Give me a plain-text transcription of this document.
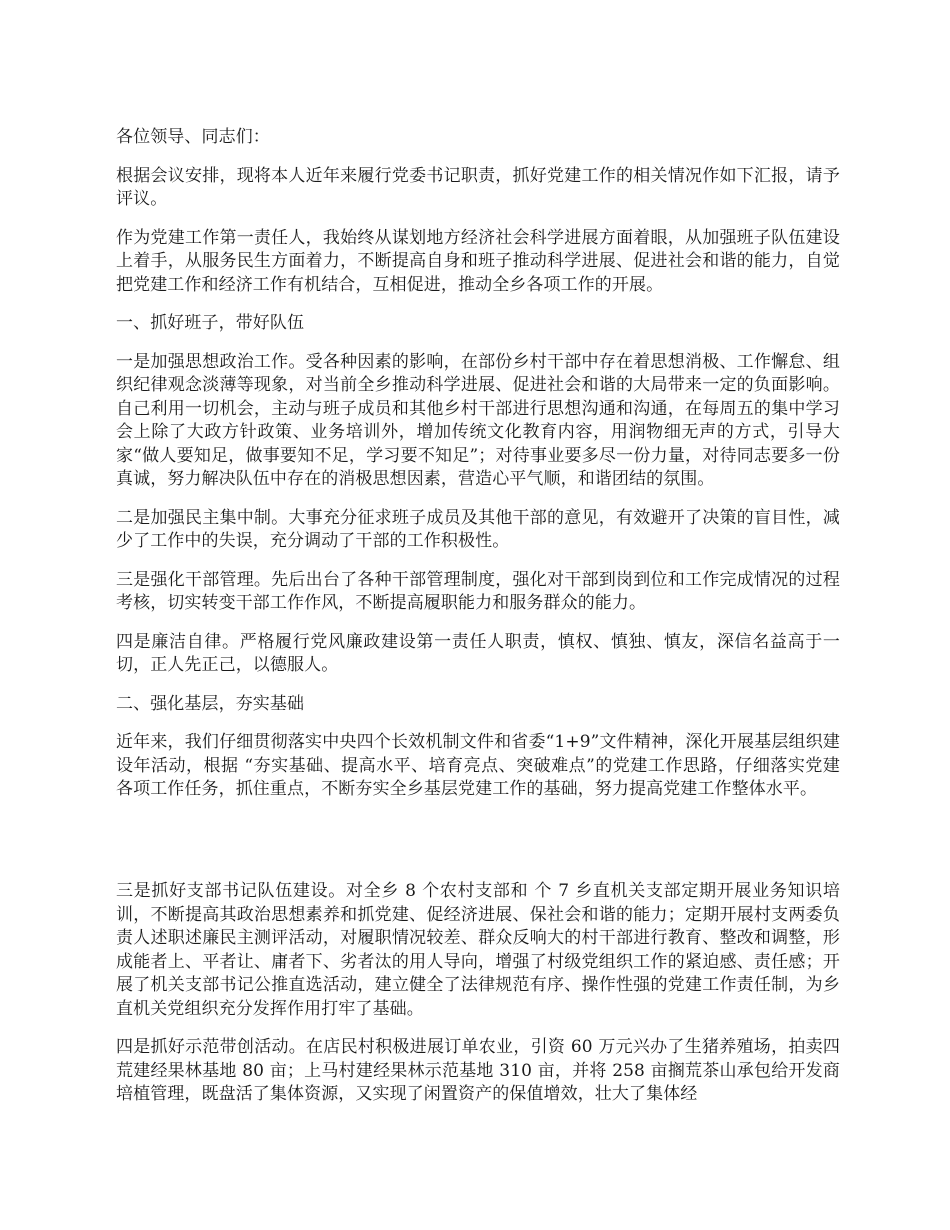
各位领导、同志们：

根据会议安排，现将本人近年来履行党委书记职责，抓好党建工作的相关情况作如下汇报，请予评议。

作为党建工作第一责任人，我始终从谋划地方经济社会科学进展方面着眼，从加强班子队伍建设上着手，从服务民生方面着力，不断提高自身和班子推动科学进展、促进社会和谐的能力，自觉把党建工作和经济工作有机结合，互相促进，推动全乡各项工作的开展。

一、抓好班子，带好队伍

一是加强思想政治工作。受各种因素的影响，在部份乡村干部中存在着思想消极、工作懈怠、组织纪律观念淡薄等现象，对当前全乡推动科学进展、促进社会和谐的大局带来一定的负面影响。自己利用一切机会，主动与班子成员和其他乡村干部进行思想沟通和沟通，在每周五的集中学习会上除了大政方针政策、业务培训外，增加传统文化教育内容，用润物细无声的方式，引导大家“做人要知足，做事要知不足，学习要不知足”；对待事业要多尽一份力量，对待同志要多一份真诚，努力解决队伍中存在的消极思想因素，营造心平气顺，和谐团结的氛围。

二是加强民主集中制。大事充分征求班子成员及其他干部的意见，有效避开了决策的盲目性，减少了工作中的失误，充分调动了干部的工作积极性。

三是强化干部管理。先后出台了各种干部管理制度，强化对干部到岗到位和工作完成情况的过程考核，切实转变干部工作作风，不断提高履职能力和服务群众的能力。

四是廉洁自律。严格履行党风廉政建设第一责任人职责，慎权、慎独、慎友，深信名益高于一切，正人先正己，以德服人。

二、强化基层，夯实基础

近年来，我们仔细贯彻落实中央四个长效机制文件和省委“1+9”文件精神，深化开展基层组织建设年活动，根据 “夯实基础、提高水平、培育亮点、突破难点”的党建工作思路，仔细落实党建各项工作任务，抓住重点，不断夯实全乡基层党建工作的基础，努力提高党建工作整体水平。

三是抓好支部书记队伍建设。对全乡 8 个农村支部和 个 7 乡直机关支部定期开展业务知识培训，不断提高其政治思想素养和抓党建、促经济进展、保社会和谐的能力；定期开展村支两委负责人述职述廉民主测评活动，对履职情况较差、群众反响大的村干部进行教育、整改和调整，形成能者上、平者让、庸者下、劣者汰的用人导向，增强了村级党组织工作的紧迫感、责任感；开展了机关支部书记公推直选活动，建立健全了法律规范有序、操作性强的党建工作责任制，为乡直机关党组织充分发挥作用打牢了基础。

四是抓好示范带创活动。在店民村积极进展订单农业，引资 60 万元兴办了生猪养殖场，拍卖四荒建经果林基地 80 亩；上马村建经果林示范基地 310 亩，并将 258 亩搁荒茶山承包给开发商培植管理，既盘活了集体资源，又实现了闲置资产的保值增效，壮大了集体经
